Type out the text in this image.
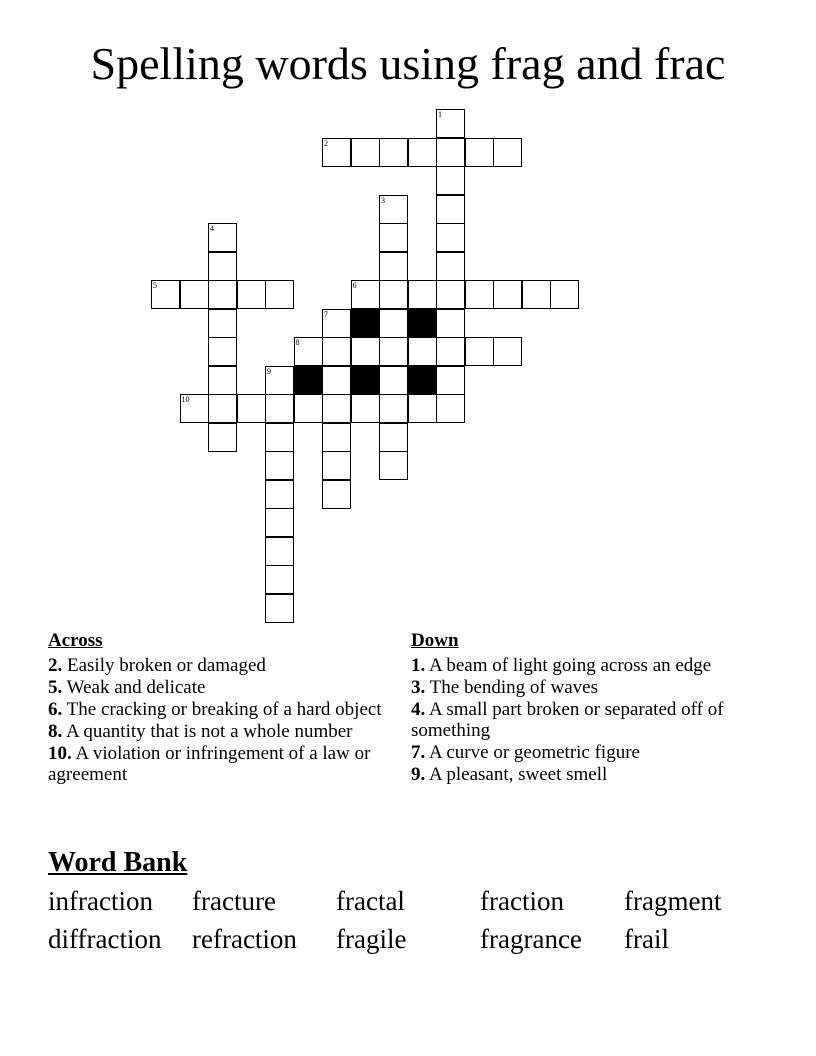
Spelling words using frag and frac
1
2
3
4
5	6
7
8
9
10
Across
2. Easily broken or damaged
5. Weak and delicate
6. The cracking or breaking of a hard object
8. A quantity that is not a whole number
10. A violation or infringement of a law or agreement
Down
1. A beam of light going across an edge
3. The bending of waves
4. A small part broken or separated off of something
7. A curve or geometric figure
9. A pleasant, sweet smell
Word Bank
infraction	fracture	fractal	fraction	fragment
diffraction	refraction	fragile	fragrance	frail
